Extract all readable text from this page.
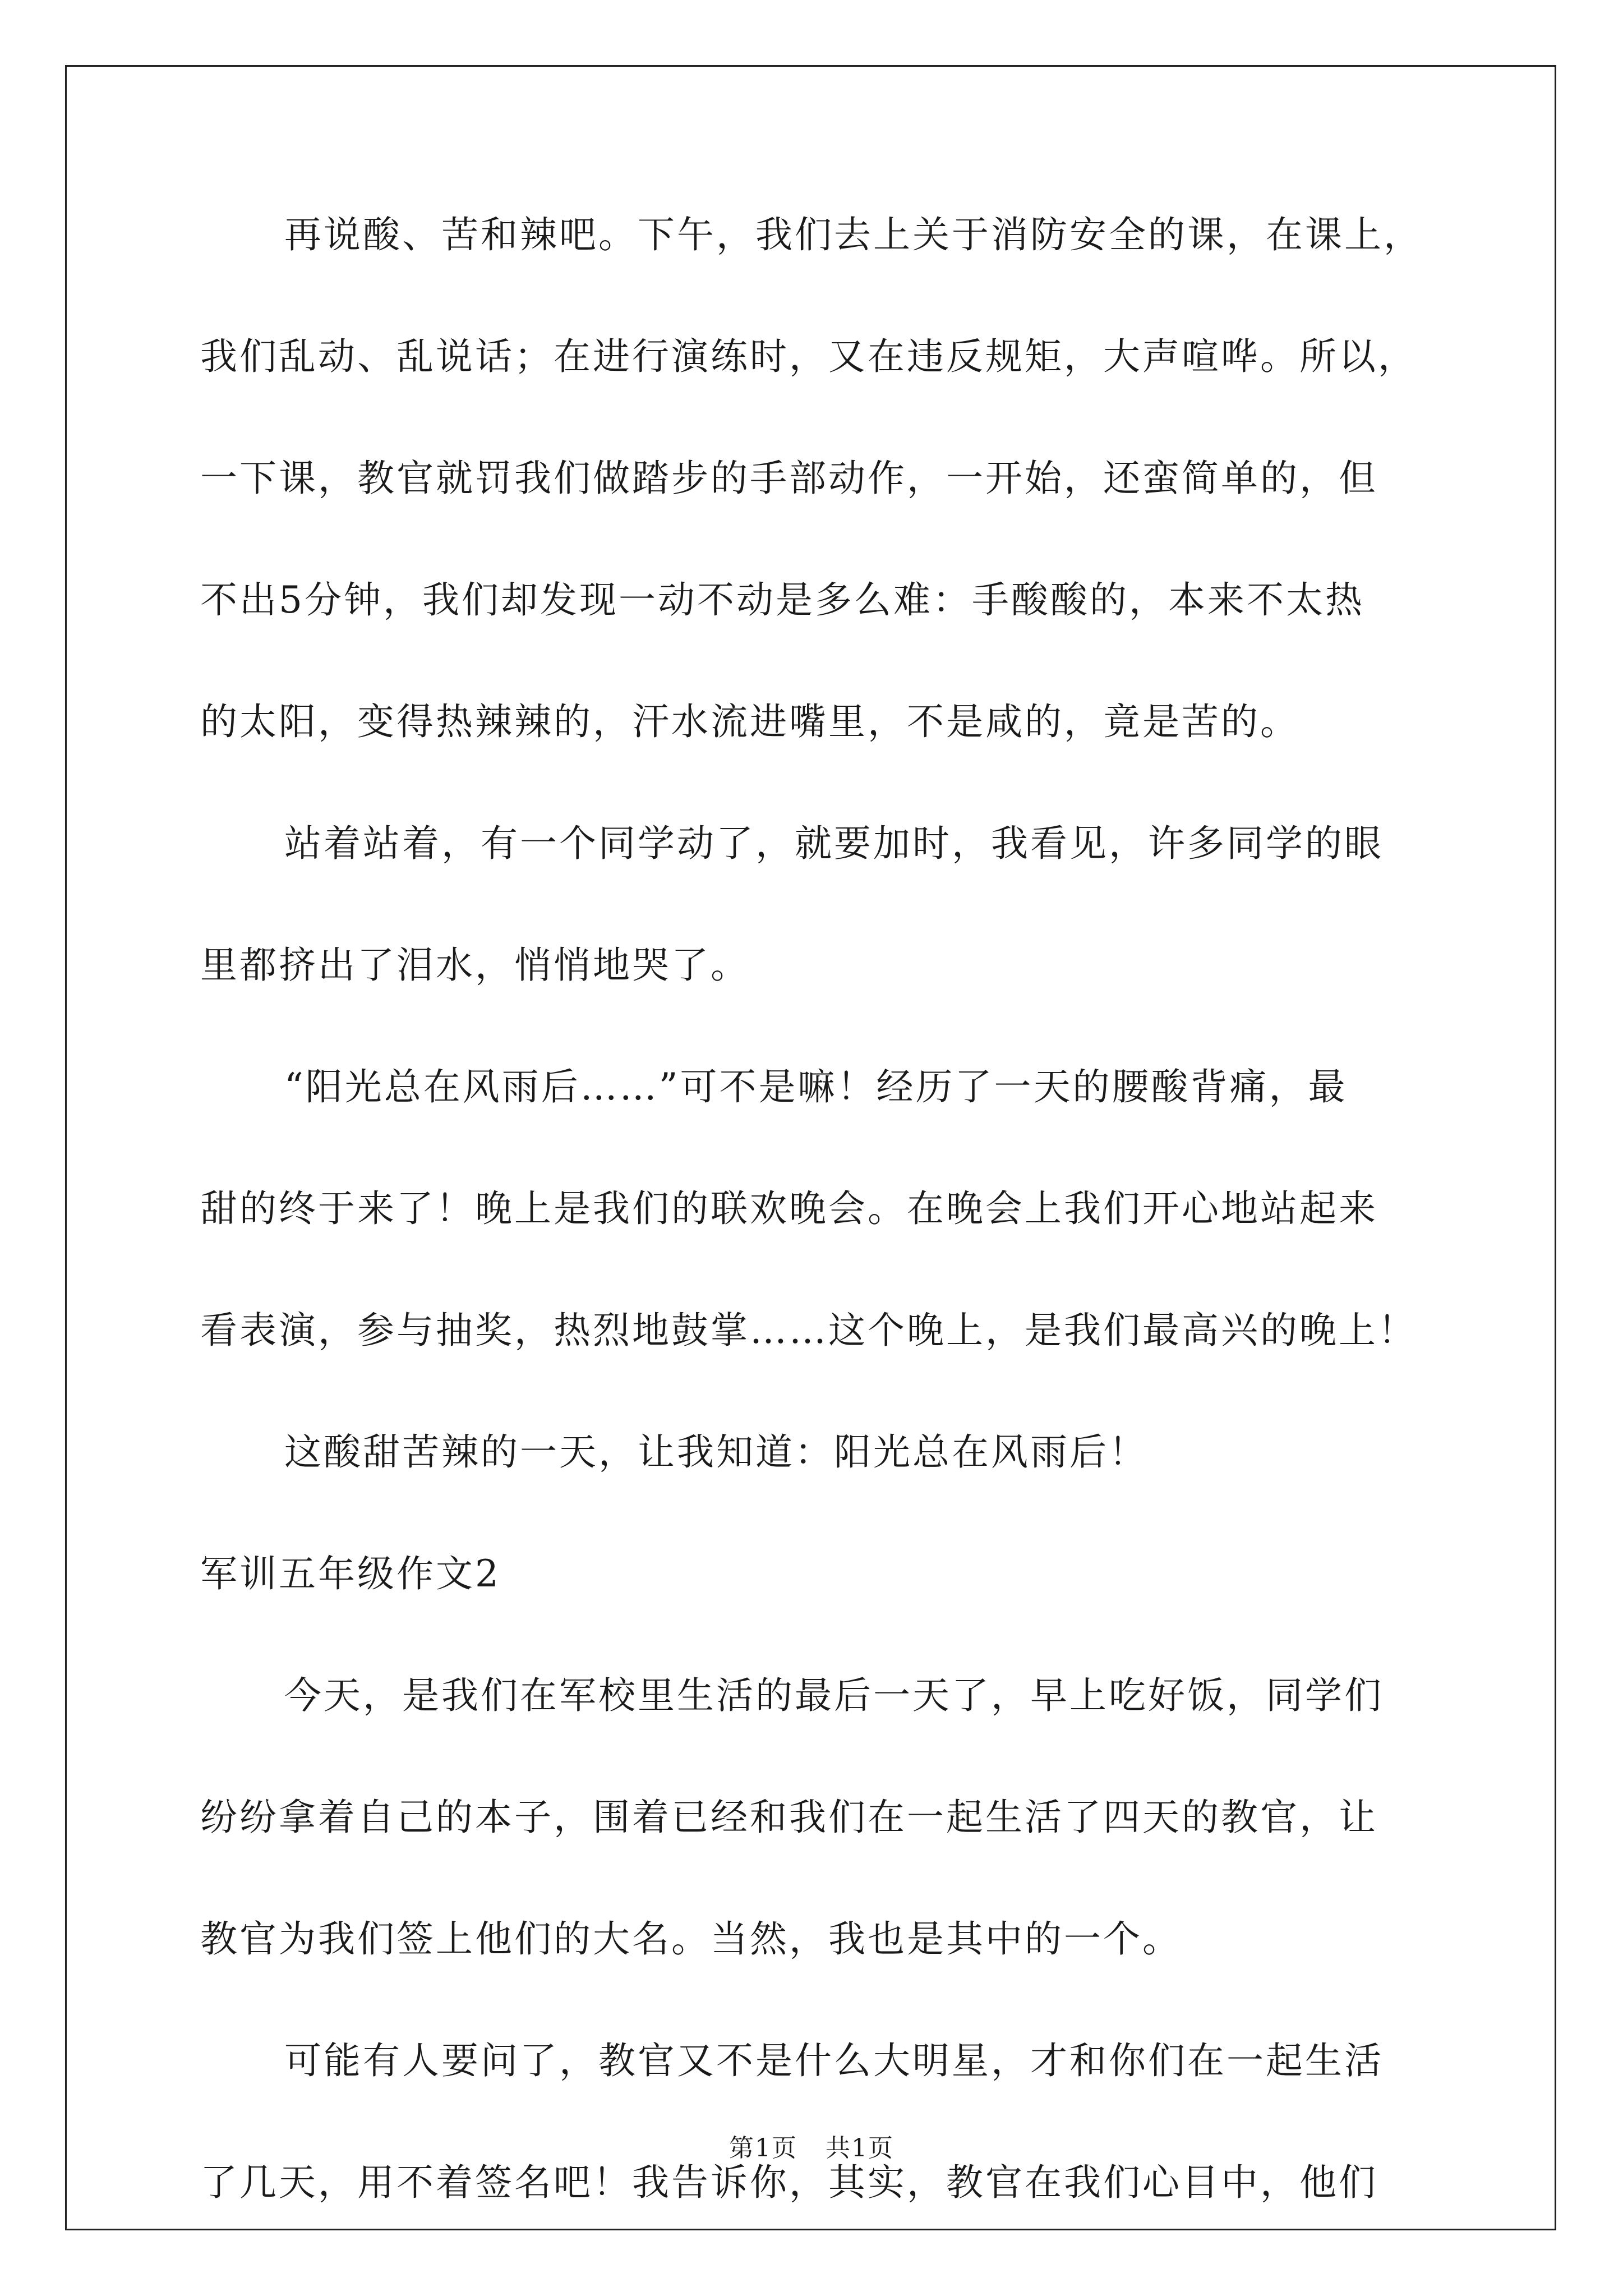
再说酸、苦和辣吧。下午，我们去上关于消防安全的课，在课上，
我们乱动、乱说话；在进行演练时，又在违反规矩，大声喧哗。所以，
一下课，教官就罚我们做踏步的手部动作，一开始，还蛮简单的，但
不出5分钟，我们却发现一动不动是多么难：手酸酸的，本来不太热
的太阳，变得热辣辣的，汗水流进嘴里，不是咸的，竟是苦的。
站着站着，有一个同学动了，就要加时，我看见，许多同学的眼
里都挤出了泪水，悄悄地哭了。
“阳光总在风雨后……”可不是嘛！经历了一天的腰酸背痛，最
甜的终于来了！晚上是我们的联欢晚会。在晚会上我们开心地站起来
看表演，参与抽奖，热烈地鼓掌……这个晚上，是我们最高兴的晚上！
这酸甜苦辣的一天，让我知道：阳光总在风雨后！
军训五年级作文2
今天，是我们在军校里生活的最后一天了，早上吃好饭，同学们
纷纷拿着自己的本子，围着已经和我们在一起生活了四天的教官，让
教官为我们签上他们的大名。当然，我也是其中的一个。
可能有人要问了，教官又不是什么大明星，才和你们在一起生活
了几天，用不着签名吧！我告诉你，其实，教官在我们心目中，他们
第1页 共1页
